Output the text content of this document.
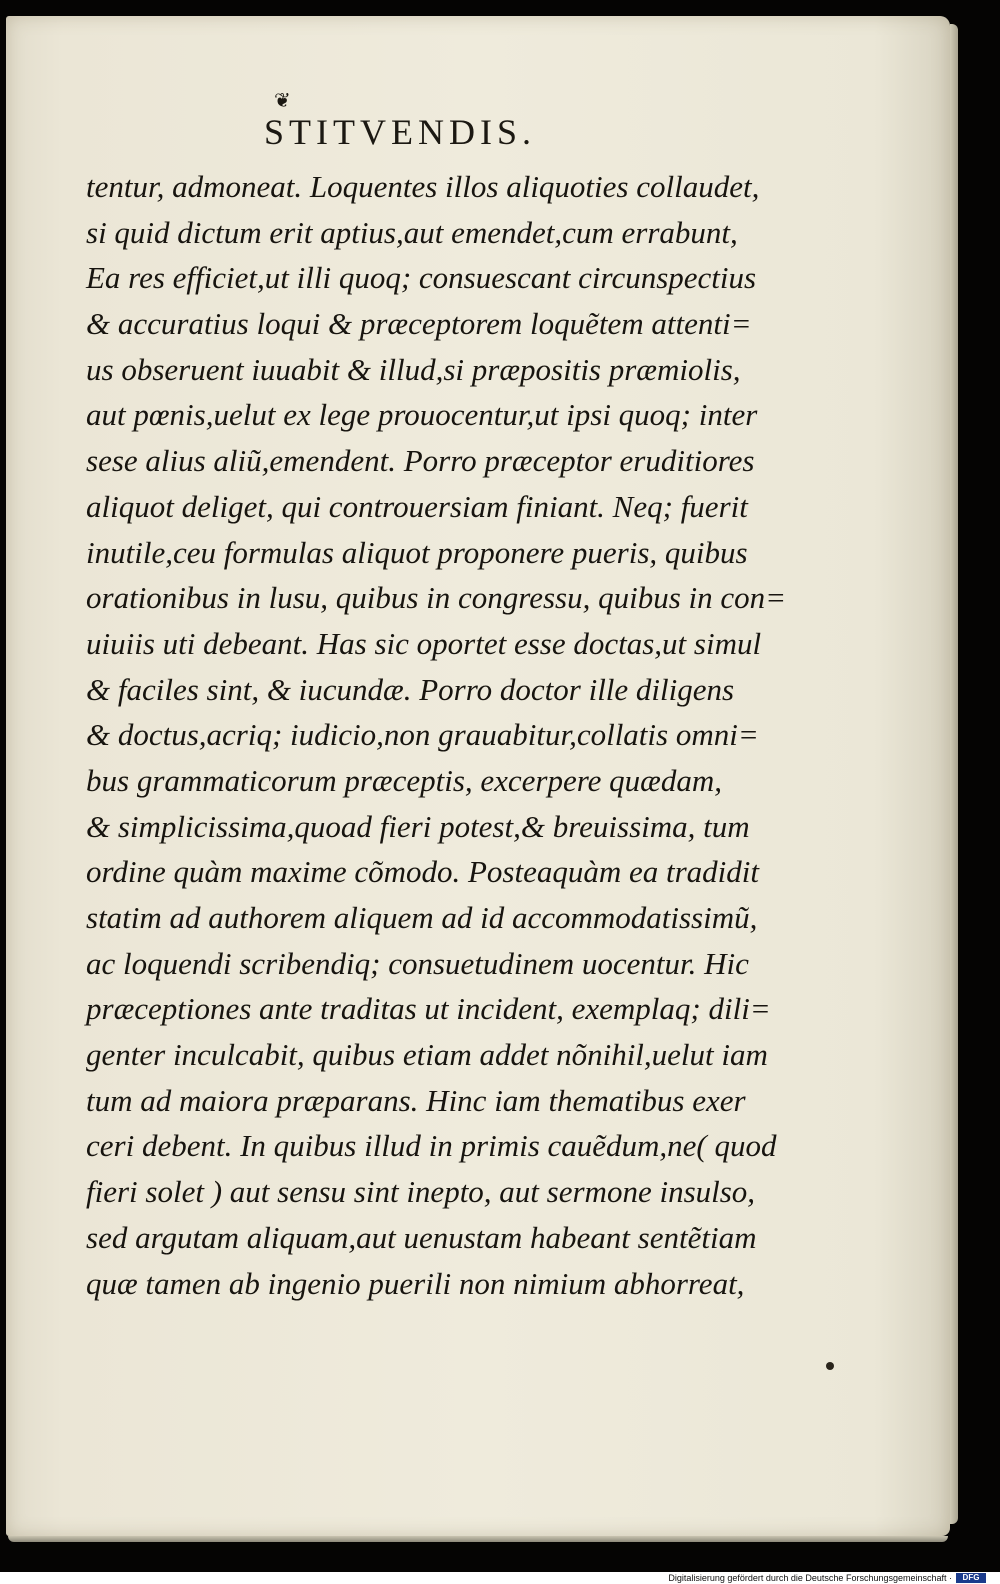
❦
STITVENDIS.
tentur, admoneat. Loquentes illos aliquoties collaudet,
si quid dictum erit aptius,aut emendet,cum errabunt,
Ea res efficiet,ut illi quoq; consuescant circunspectius
& accuratius loqui & præceptorem loquẽtem attenti=
us obseruent iuuabit & illud,si præpositis præmiolis,
aut pœnis,uelut ex lege prouocentur,ut ipsi quoq; inter
sese alius aliũ,emendent. Porro præceptor eruditiores
aliquot deliget, qui controuersiam finiant. Neq; fuerit
inutile,ceu formulas aliquot proponere pueris, quibus
orationibus in lusu, quibus in congressu, quibus in con=
uiuiis uti debeant. Has sic oportet esse doctas,ut simul
& faciles sint, & iucundæ. Porro doctor ille diligens
& doctus,acriq; iudicio,non grauabitur,collatis omni=
bus grammaticorum præceptis, excerpere quædam,
& simplicissima,quoad fieri potest,& breuissima, tum
ordine quàm maxime cõmodo. Posteaquàm ea tradidit
statim ad authorem aliquem ad id accommodatissimũ,
ac loquendi scribendiq; consuetudinem uocentur. Hic
præceptiones ante traditas ut incident, exemplaq; dili=
genter inculcabit, quibus etiam addet nõnihil,uelut iam
tum ad maiora præparans. Hinc iam thematibus exer
ceri debent. In quibus illud in primis cauẽdum,ne( quod
fieri solet ) aut sensu sint inepto, aut sermone insulso,
sed argutam aliquam,aut uenustam habeant sentẽtiam
quæ tamen ab ingenio puerili non nimium abhorreat,
Digitalisierung gefördert durch die Deutsche Forschungsgemeinschaft ·	DFG
